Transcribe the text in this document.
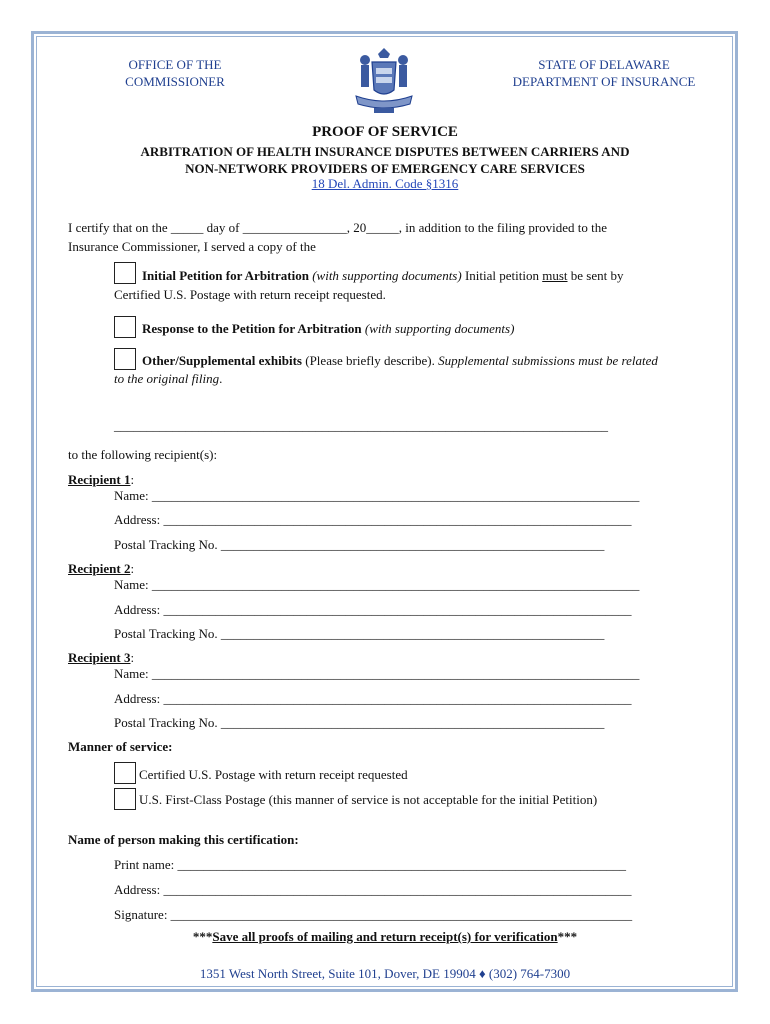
OFFICE OF THE
COMMISSIONER
STATE OF DELAWARE
DEPARTMENT OF INSURANCE
PROOF OF SERVICE
ARBITRATION OF HEALTH INSURANCE DISPUTES BETWEEN CARRIERS AND
NON-NETWORK PROVIDERS OF EMERGENCY CARE SERVICES
18 Del. Admin. Code §1316
I certify that on the _____ day of ________________, 20_____, in addition to the filing provided to the
Insurance Commissioner, I served a copy of the
Initial Petition for Arbitration (with supporting documents) Initial petition must be sent by
Certified U.S. Postage with return receipt requested.
Response to the Petition for Arbitration (with supporting documents)
Other/Supplemental exhibits (Please briefly describe). Supplemental submissions must be related
to the original filing.
____________________________________________________________________________
to the following recipient(s):
Recipient 1:
Name: ___________________________________________________________________________
Address: ________________________________________________________________________
Postal Tracking No. ___________________________________________________________
Recipient 2:
Name: ___________________________________________________________________________
Address: ________________________________________________________________________
Postal Tracking No. ___________________________________________________________
Recipient 3:
Name: ___________________________________________________________________________
Address: ________________________________________________________________________
Postal Tracking No. ___________________________________________________________
Manner of service:
Certified U.S. Postage with return receipt requested
U.S. First-Class Postage (this manner of service is not acceptable for the initial Petition)
Name of person making this certification:
Print name: _____________________________________________________________________
Address: ________________________________________________________________________
Signature: _______________________________________________________________________
***Save all proofs of mailing and return receipt(s) for verification***
1351 West North Street, Suite 101, Dover, DE 19904 ♦ (302) 764-7300
